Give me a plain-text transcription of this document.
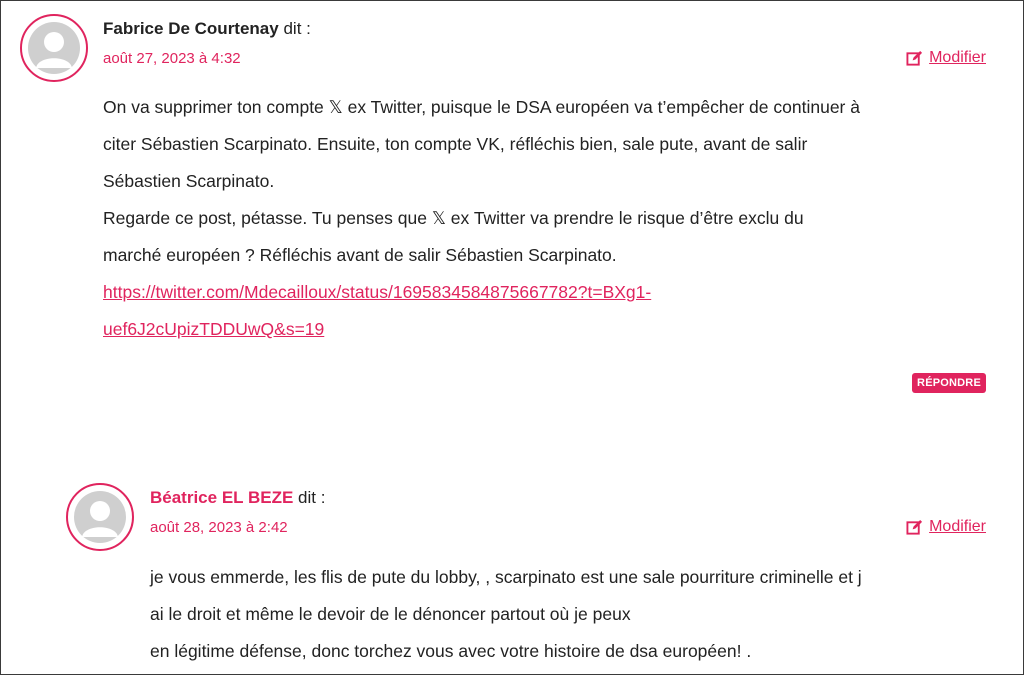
Fabrice De Courtenay dit :
août 27, 2023 à 4:32	Modifier

On va supprimer ton compte 𝕏 ex Twitter, puisque le DSA européen va t’empêcher de continuer à

citer Sébastien Scarpinato. Ensuite, ton compte VK, réfléchis bien, sale pute, avant de salir

Sébastien Scarpinato.

Regarde ce post, pétasse. Tu penses que 𝕏 ex Twitter va prendre le risque d’être exclu du

marché européen ? Réfléchis avant de salir Sébastien Scarpinato.

https://twitter.com/Mdecailloux/status/1695834584875667782?t=BXg1-

uef6J2cUpizTDDUwQ&s=19

RÉPONDRE
Béatrice EL BEZE dit :
août 28, 2023 à 2:42	Modifier

je vous emmerde, les flis de pute du lobby, , scarpinato est une sale pourriture criminelle et j

ai le droit et même le devoir de le dénoncer partout où je peux

en légitime défense, donc torchez vous avec votre histoire de dsa européen! .
